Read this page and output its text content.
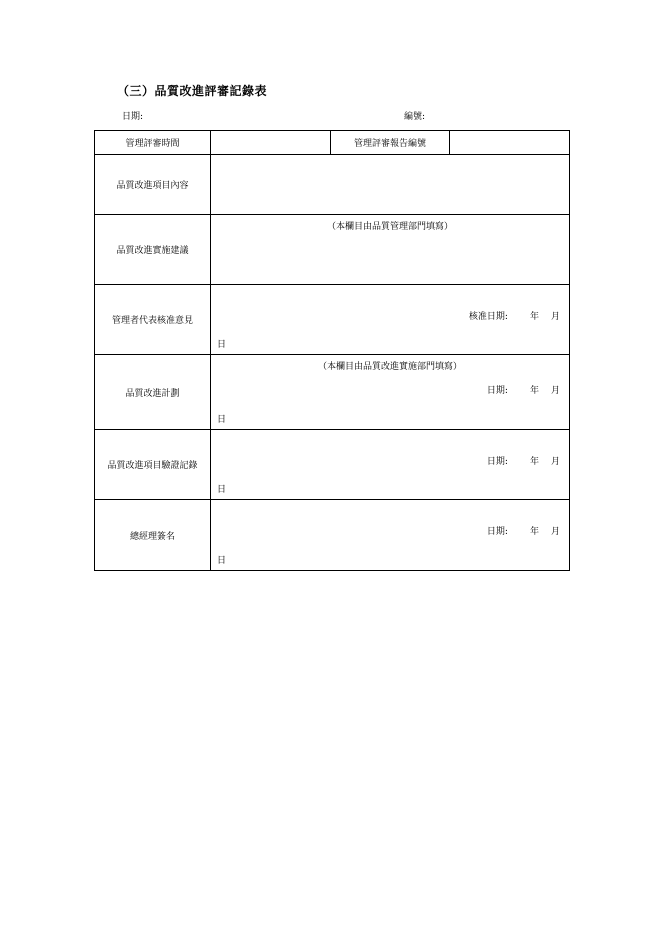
（三）品質改進評審記錄表
日期:	編號:
管理評審時間		管理評審報告編號	
品質改進項目內容			
品質改進實施建議	（本欄目由品質管理部門填寫）		

管理者代表核准意見	核准日期: 年 月
日		

品質改進計劃	（本欄目由品質改進實施部門填寫）
日期: 年 月
日		

品質改進項目驗證記錄	日期: 年 月
日		

總經理簽名	日期: 年 月
日		
